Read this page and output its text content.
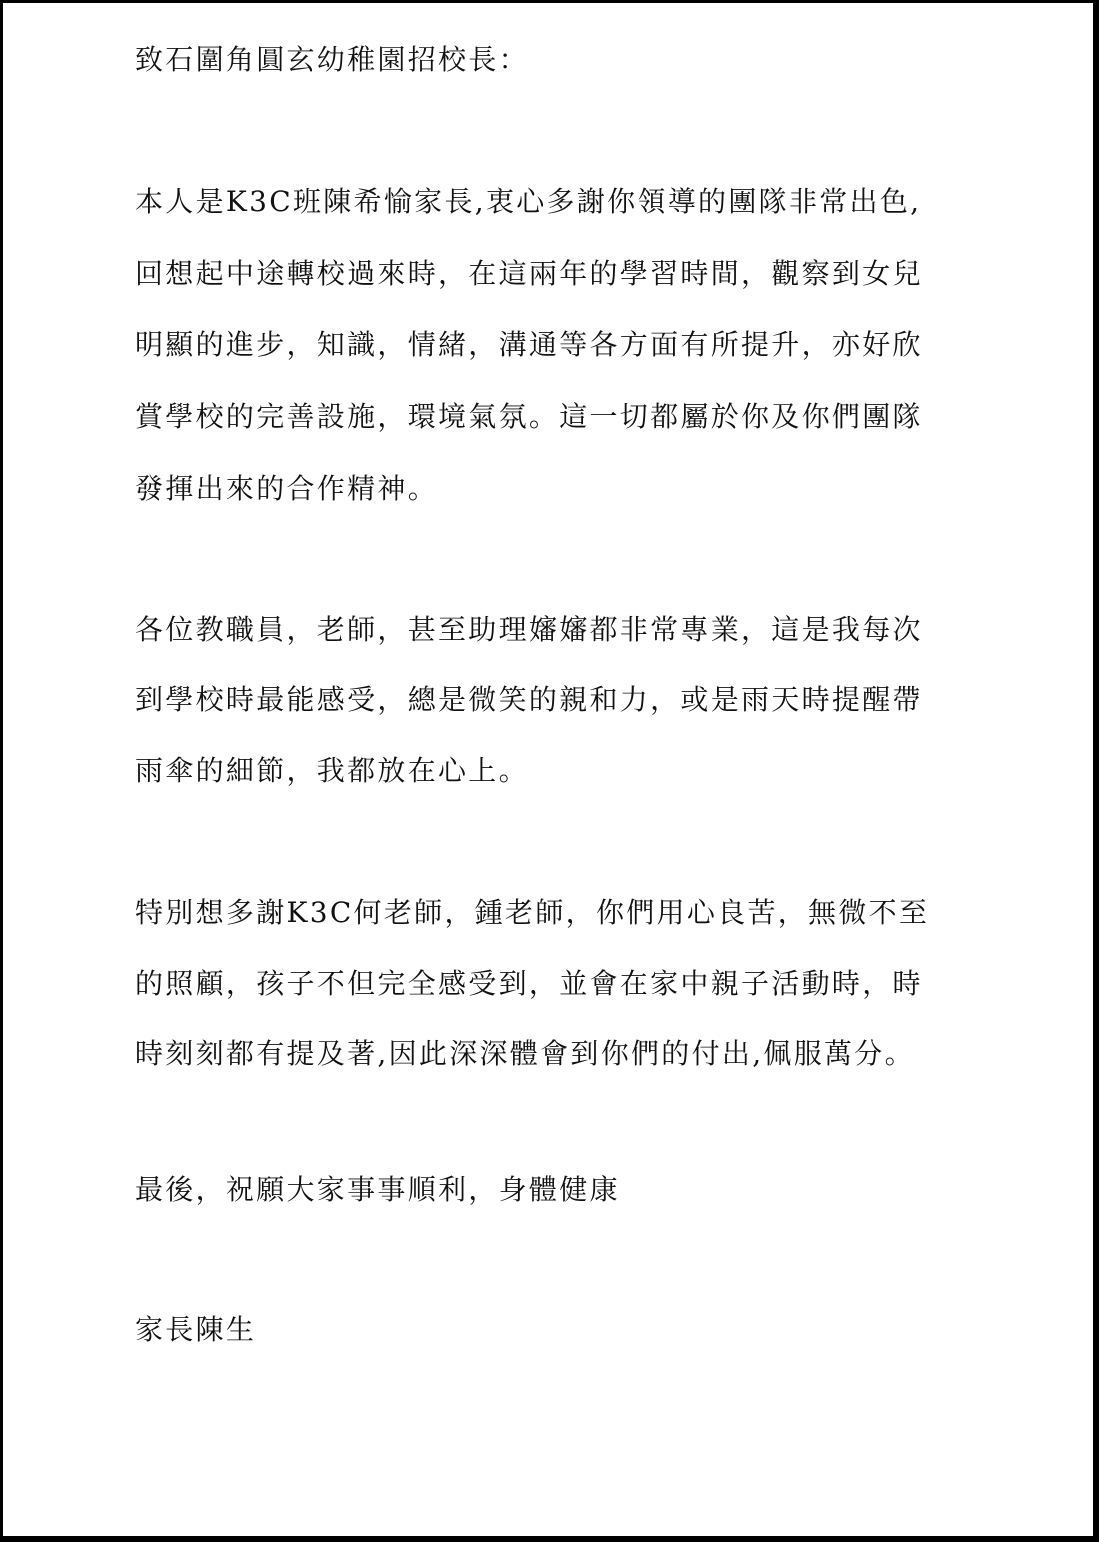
致石圍角圓玄幼稚園招校長：
本人是K3C班陳希愉家長,衷心多謝你領導的團隊非常出色,
回想起中途轉校過來時，在這兩年的學習時間，觀察到女兒
明顯的進步，知識，情緒，溝通等各方面有所提升，亦好欣
賞學校的完善設施，環境氣氛。這一切都屬於你及你們團隊
發揮出來的合作精神。
各位教職員，老師，甚至助理嬸嬸都非常專業，這是我每次
到學校時最能感受，總是微笑的親和力，或是雨天時提醒帶
雨傘的細節，我都放在心上。
特別想多謝K3C何老師，鍾老師，你們用心良苦，無微不至
的照顧，孩子不但完全感受到，並會在家中親子活動時，時
時刻刻都有提及著,因此深深體會到你們的付出,佩服萬分。
最後，祝願大家事事順利，身體健康
家長陳生
